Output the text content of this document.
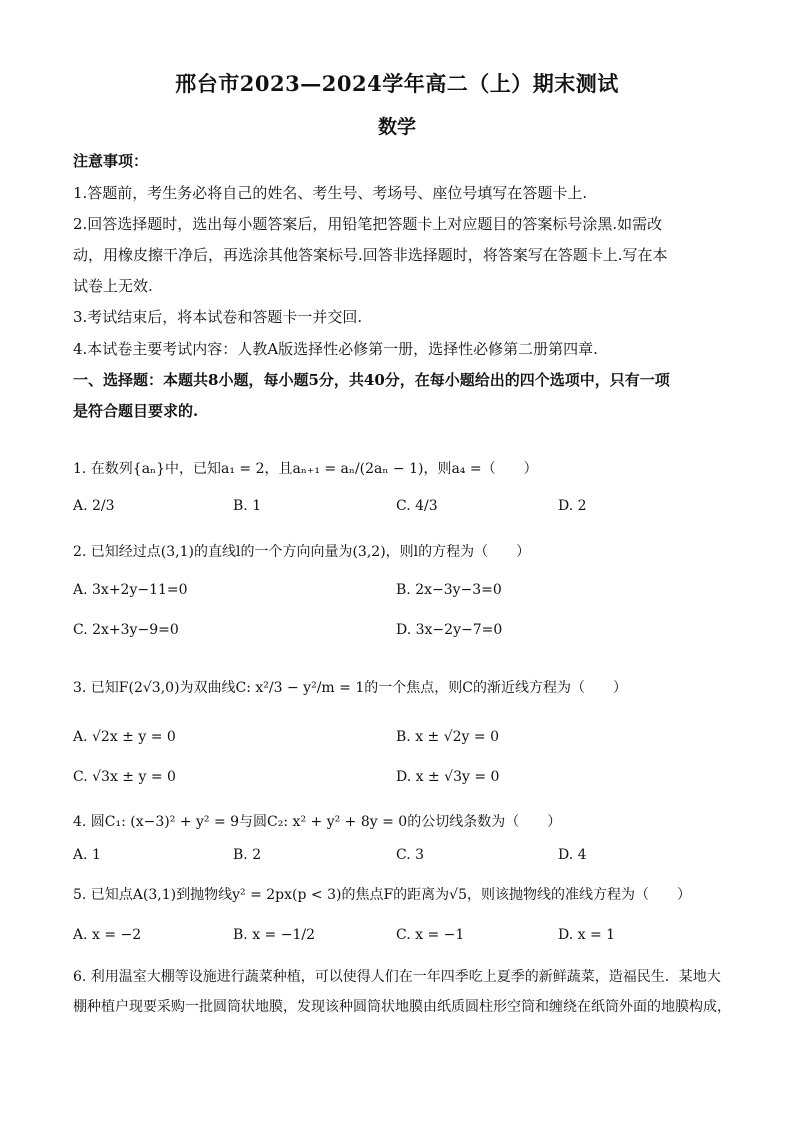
邢台市2023—2024学年高二（上）期末测试
数学
注意事项：
1.答题前，考生务必将自己的姓名、考生号、考场号、座位号填写在答题卡上.
2.回答选择题时，选出每小题答案后，用铅笔把答题卡上对应题目的答案标号涂黑.如需改
动，用橡皮擦干净后，再选涂其他答案标号.回答非选择题时，将答案写在答题卡上.写在本
试卷上无效.
3.考试结束后，将本试卷和答题卡一并交回.
4.本试卷主要考试内容：人教A版选择性必修第一册，选择性必修第二册第四章.
一、选择题：本题共8小题，每小题5分，共40分，在每小题给出的四个选项中，只有一项
是符合题目要求的.
1. 在数列{aₙ}中，已知a₁ = 2，且aₙ₊₁ = aₙ/(2aₙ − 1)，则a₄ =（　　）
A. 2/3	B. 1	C. 4/3	D. 2
2. 已知经过点(3,1)的直线l的一个方向向量为(3,2)，则l的方程为（　　）
A. 3x+2y−11=0	B. 2x−3y−3=0
C. 2x+3y−9=0	D. 3x−2y−7=0
3. 已知F(2√3,0)为双曲线C: x²/3 − y²/m = 1的一个焦点，则C的渐近线方程为（　　）
A. √2x ± y = 0	B. x ± √2y = 0
C. √3x ± y = 0	D. x ± √3y = 0
4. 圆C₁: (x−3)² + y² = 9与圆C₂: x² + y² + 8y = 0的公切线条数为（　　）
A. 1	B. 2	C. 3	D. 4
5. 已知点A(3,1)到抛物线y² = 2px(p < 3)的焦点F的距离为√5，则该抛物线的准线方程为（　　）
A. x = −2	B. x = −1/2	C. x = −1	D. x = 1
6. 利用温室大棚等设施进行蔬菜种植，可以使得人们在一年四季吃上夏季的新鲜蔬菜，造福民生．某地大
棚种植户现要采购一批圆筒状地膜，发现该种圆筒状地膜由纸质圆柱形空筒和缠绕在纸筒外面的地膜构成，
